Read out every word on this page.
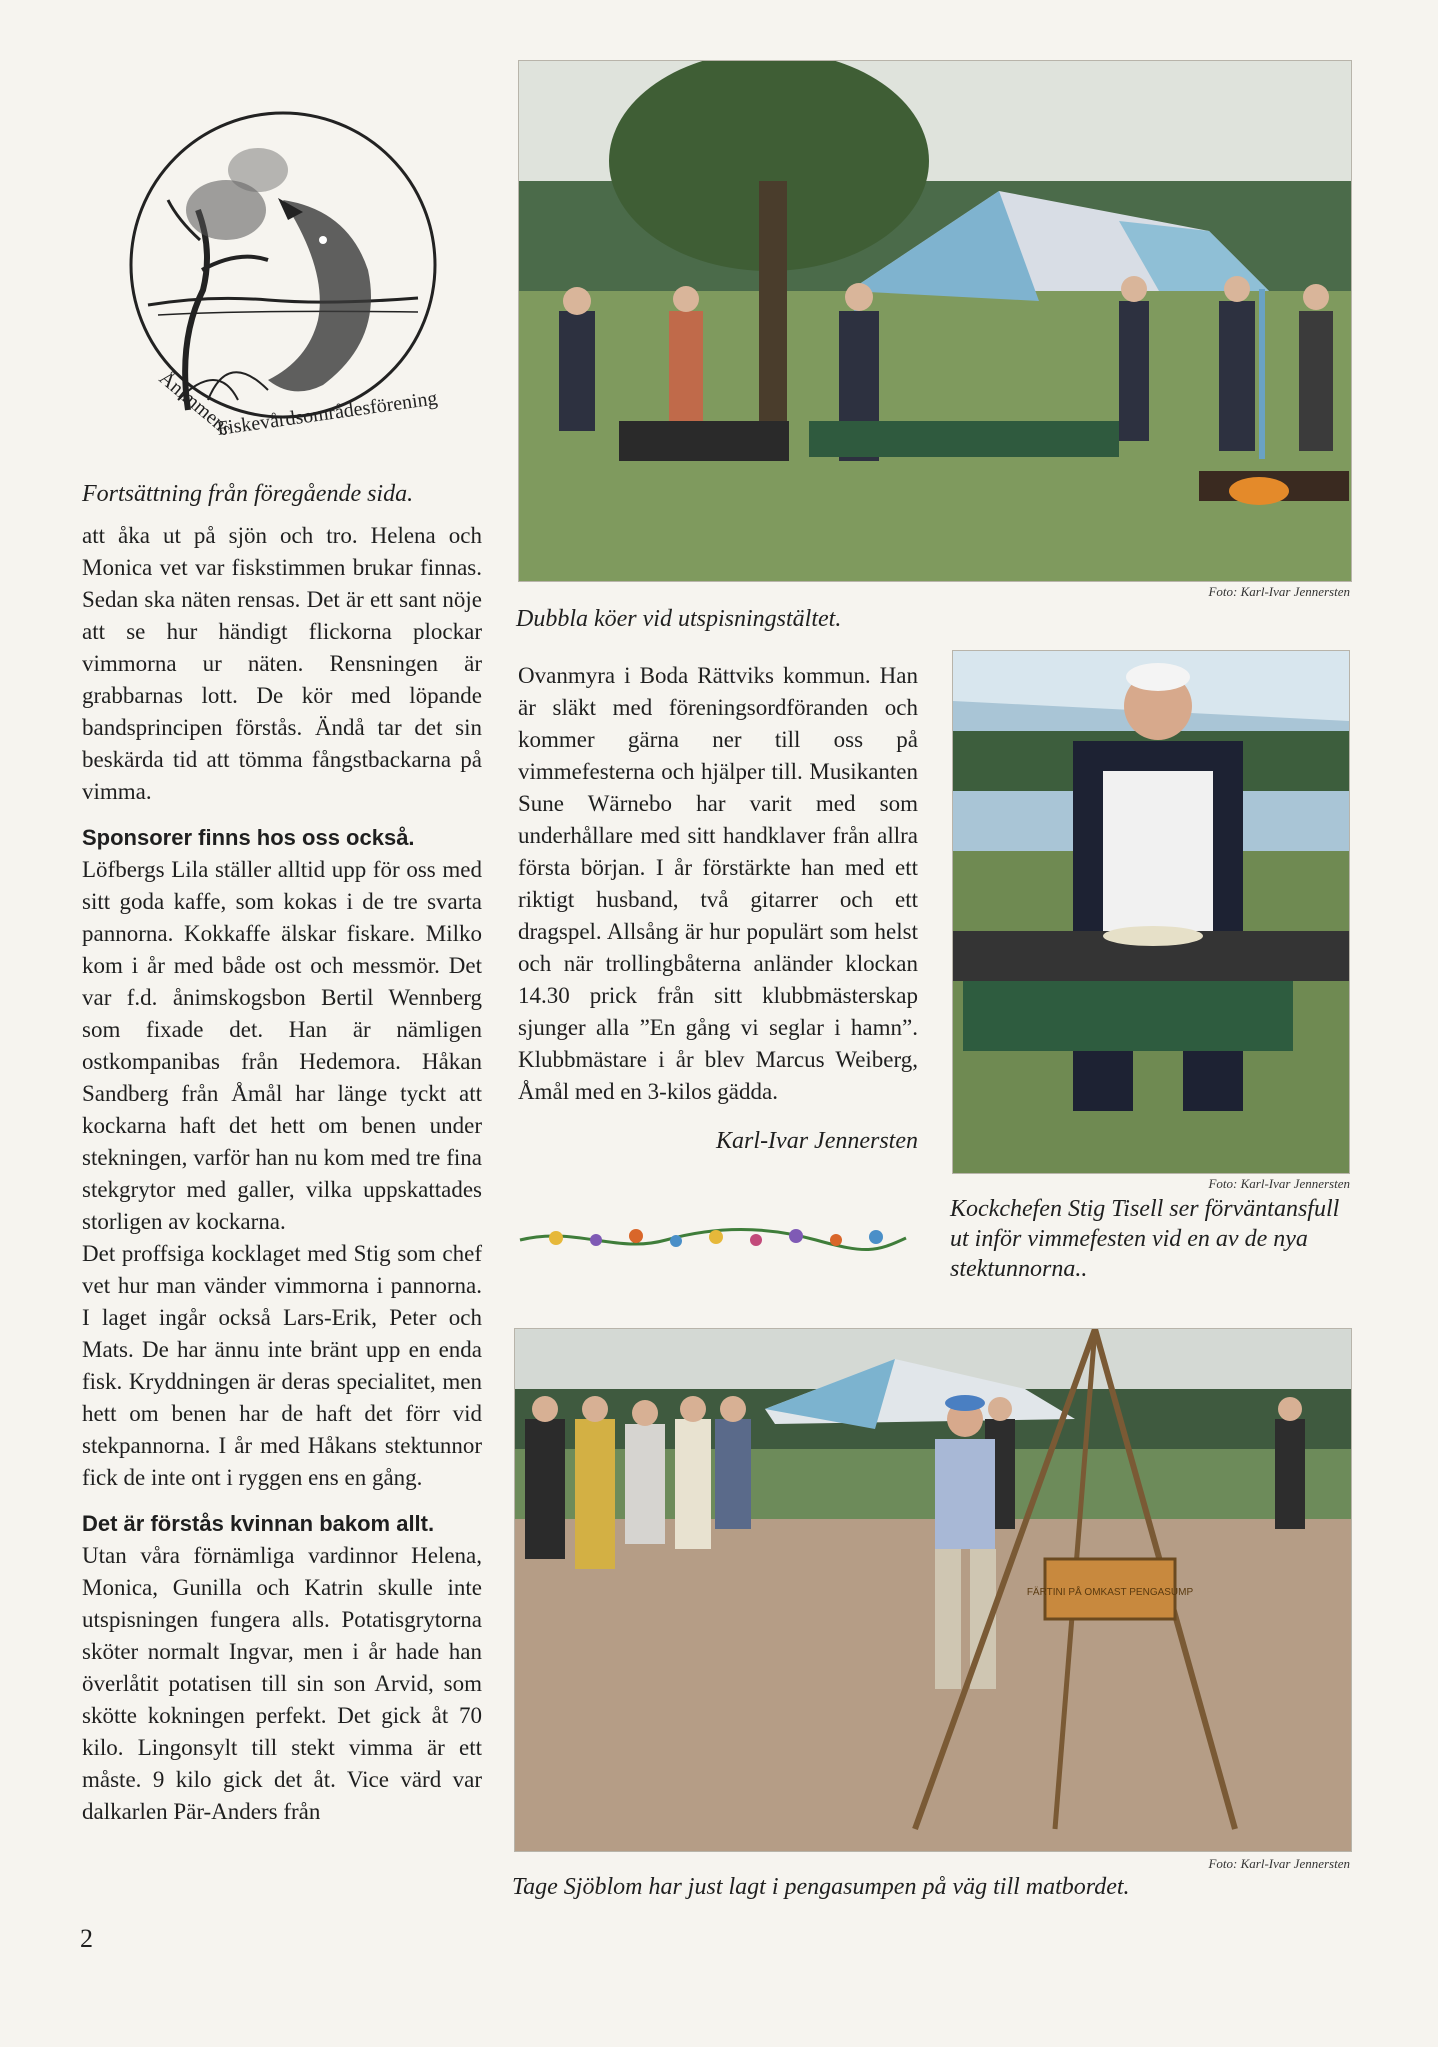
Ånimmens
Fiskevårdsområdesförening

Fortsättning från föregående sida.

att åka ut på sjön och tro. Helena och Monica vet var fiskstimmen brukar finnas. Sedan ska näten rensas. Det är ett sant nöje att se hur händigt flickorna plockar vimmorna ur näten. Rensningen är grabbarnas lott. De kör med löpande bandsprincipen förstås. Ändå tar det sin beskärda tid att tömma fångstbackarna på vimma.

Sponsorer finns hos oss också.

Löfbergs Lila ställer alltid upp för oss med sitt goda kaffe, som kokas i de tre svarta pannorna. Kokkaffe älskar fiskare. Milko kom i år med både ost och messmör. Det var f.d. ånimskogsbon Bertil Wennberg som fixade det. Han är nämligen ostkompanibas från Hedemora. Håkan Sandberg från Åmål har länge tyckt att kockarna haft det hett om benen under stekningen, varför han nu kom med tre fina stekgrytor med galler, vilka uppskattades storligen av kockarna.

Det proffsiga kocklaget med Stig som chef vet hur man vänder vimmorna i pannorna. I laget ingår också Lars-Erik, Peter och Mats. De har ännu inte bränt upp en enda fisk. Kryddningen är deras specialitet, men hett om benen har de haft det förr vid stekpannorna. I år med Håkans stektunnor fick de inte ont i ryggen ens en gång.

Det är förstås kvinnan bakom allt.

Utan våra förnämliga vardinnor Helena, Monica, Gunilla och Katrin skulle inte utspisningen fungera alls. Potatisgrytorna sköter normalt Ingvar, men i år hade han överlåtit potatisen till sin son Arvid, som skötte kokningen perfekt. Det gick åt 70 kilo. Lingonsylt till stekt vimma är ett måste. 9 kilo gick det åt. Vice värd var dalkarlen Pär-Anders från

Ovanmyra i Boda Rättviks kommun. Han är släkt med föreningsordföranden och kommer gärna ner till oss på vimmefesterna och hjälper till. Musikanten Sune Wärnebo har varit med som underhållare med sitt handklaver från allra första början. I år förstärkte han med ett riktigt husband, två gitarrer och ett dragspel. Allsång är hur populärt som helst och när trollingbåterna anländer klockan 14.30 prick från sitt klubbmästerskap sjunger alla ”En gång vi seglar i hamn”. Klubbmästare i år blev Marcus Weiberg, Åmål med en 3-kilos gädda.

Karl-Ivar Jennersten

Foto: Karl-Ivar Jennersten
Dubbla köer vid utspisningstältet.
Foto: Karl-Ivar Jennersten
Kockchefen Stig Tisell ser förväntansfull ut inför vimmefesten vid en av de nya stektunnorna..
FÄRTINI PÅ OMKAST PENGASUMP
Foto: Karl-Ivar Jennersten
Tage Sjöblom har just lagt i pengasumpen på väg till matbordet.
2
